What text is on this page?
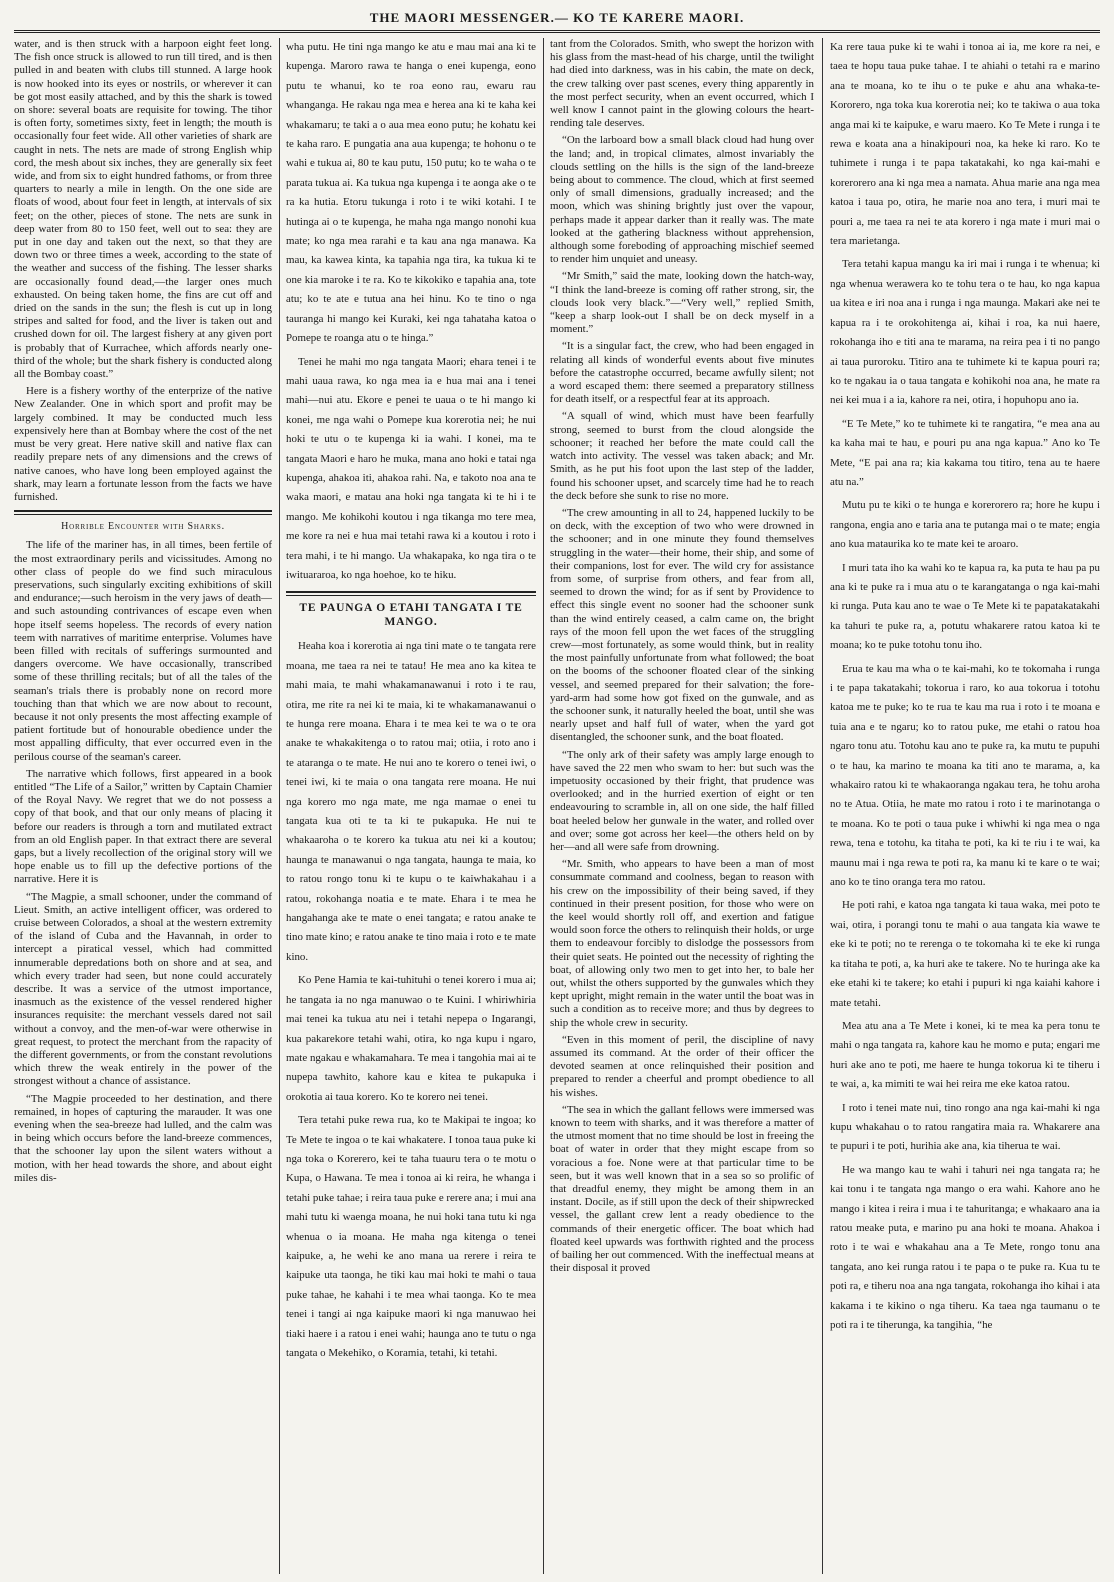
THE MAORI MESSENGER.— KO TE KARERE MAORI.

water, and is then struck with a harpoon eight feet long. The fish once struck is allowed to run till tired, and is then pulled in and beaten with clubs till stunned. A large hook is now hooked into its eyes or nostrils, or wherever it can be got most easily attached, and by this the shark is towed on shore: several boats are requisite for towing. The tihor is often forty, sometimes sixty, feet in length; the mouth is occasionally four feet wide. All other varieties of shark are caught in nets. The nets are made of strong English whip cord, the mesh about six inches, they are generally six feet wide, and from six to eight hundred fathoms, or from three quarters to nearly a mile in length. On the one side are floats of wood, about four feet in length, at intervals of six feet; on the other, pieces of stone. The nets are sunk in deep water from 80 to 150 feet, well out to sea: they are put in one day and taken out the next, so that they are down two or three times a week, according to the state of the weather and success of the fishing. The lesser sharks are occasionally found dead,—the larger ones much exhausted. On being taken home, the fins are cut off and dried on the sands in the sun; the flesh is cut up in long stripes and salted for food, and the liver is taken out and crushed down for oil. The largest fishery at any given port is probably that of Kurrachee, which affords nearly one-third of the whole; but the shark fishery is conducted along all the Bombay coast.”

Here is a fishery worthy of the enterprize of the native New Zealander. One in which sport and profit may be largely combined. It may be conducted much less expensively here than at Bombay where the cost of the net must be very great. Here native skill and native flax can readily prepare nets of any dimensions and the crews of native canoes, who have long been employed against the shark, may learn a fortunate lesson from the facts we have furnished.

Horrible Encounter with Sharks.

The life of the mariner has, in all times, been fertile of the most extraordinary perils and vicissitudes. Among no other class of people do we find such miraculous preservations, such singularly exciting exhibitions of skill and endurance;—such heroism in the very jaws of death—and such astounding contrivances of escape even when hope itself seems hopeless. The records of every nation teem with narratives of maritime enterprise. Volumes have been filled with recitals of sufferings surmounted and dangers overcome. We have occasionally, transcribed some of these thrilling recitals; but of all the tales of the seaman's trials there is probably none on record more touching than that which we are now about to recount, because it not only presents the most affecting example of patient fortitude but of honourable obedience under the most appalling difficulty, that ever occurred even in the perilous course of the seaman's career.

The narrative which follows, first appeared in a book entitled “The Life of a Sailor,” written by Captain Chamier of the Royal Navy. We regret that we do not possess a copy of that book, and that our only means of placing it before our readers is through a torn and mutilated extract from an old English paper. In that extract there are several gaps, but a lively recollection of the original story will we hope enable us to fill up the defective portions of the narrative. Here it is

“The Magpie, a small schooner, under the command of Lieut. Smith, an active intelligent officer, was ordered to cruise between Colorados, a shoal at the western extremity of the island of Cuba and the Havannah, in order to intercept a piratical vessel, which had committed innumerable depredations both on shore and at sea, and which every trader had seen, but none could accurately describe. It was a service of the utmost importance, inasmuch as the existence of the vessel rendered higher insurances requisite: the merchant vessels dared not sail without a convoy, and the men-of-war were otherwise in great request, to protect the merchant from the rapacity of the different governments, or from the constant revolutions which threw the weak entirely in the power of the strongest without a chance of assistance.

“The Magpie proceeded to her destination, and there remained, in hopes of capturing the marauder. It was one evening when the sea-breeze had lulled, and the calm was in being which occurs before the land-breeze commences, that the schooner lay upon the silent waters without a motion, with her head towards the shore, and about eight miles dis-

wha putu. He tini nga mango ke atu e mau mai ana ki te kupenga. Maroro rawa te hanga o enei kupenga, eono putu te whanui, ko te roa eono rau, ewaru rau whanganga. He rakau nga mea e herea ana ki te kaha kei whakamaru; te taki a o aua mea eono putu; he kohatu kei te kaha raro. E pungatia ana aua kupenga; te hohonu o te wahi e tukua ai, 80 te kau putu, 150 putu; ko te waha o te parata tukua ai. Ka tukua nga kupenga i te aonga ake o te ra ka hutia. Etoru tukunga i roto i te wiki kotahi. I te hutinga ai o te kupenga, he maha nga mango nonohi kua mate; ko nga mea rarahi e ta kau ana nga manawa. Ka mau, ka kawea kinta, ka tapahia nga tira, ka tukua ki te one kia maroke i te ra. Ko te kikokiko e tapahia ana, tote atu; ko te ate e tutua ana hei hinu. Ko te tino o nga tauranga hi mango kei Kuraki, kei nga tahataha katoa o Pomepe te roanga atu o te hinga.”

Tenei he mahi mo nga tangata Maori; ehara tenei i te mahi uaua rawa, ko nga mea ia e hua mai ana i tenei mahi—nui atu. Ekore e penei te uaua o te hi mango ki konei, me nga wahi o Pomepe kua korerotia nei; he nui hoki te utu o te kupenga ki ia wahi. I konei, ma te tangata Maori e haro he muka, mana ano hoki e tatai nga kupenga, ahakoa iti, ahakoa rahi. Na, e takoto noa ana te waka maori, e matau ana hoki nga tangata ki te hi i te mango. Me kohikohi koutou i nga tikanga mo tere mea, me kore ra nei e hua mai tetahi rawa ki a koutou i roto i tera mahi, i te hi mango. Ua whakapaka, ko nga tira o te iwituararoa, ko nga hoehoe, ko te hiku.

TE PAUNGA O ETAHI TANGATA I TE MANGO.

Heaha koa i korerotia ai nga tini mate o te tangata rere moana, me taea ra nei te tatau! He mea ano ka kitea te mahi maia, te mahi whakamanawanui i roto i te rau, otira, me rite ra nei ki te maia, ki te whakamanawanui o te hunga rere moana. Ehara i te mea kei te wa o te ora anake te whakakitenga o to ratou mai; otiia, i roto ano i te ataranga o te mate. He nui ano te korero o tenei iwi, o tenei iwi, ki te maia o ona tangata rere moana. He nui nga korero mo nga mate, me nga mamae o enei tu tangata kua oti te ta ki te pukapuka. He nui te whakaaroha o te korero ka tukua atu nei ki a koutou; haunga te manawanui o nga tangata, haunga te maia, ko to ratou rongo tonu ki te kupu o te kaiwhakahau i a ratou, rokohanga noatia e te mate. Ehara i te mea he hangahanga ake te mate o enei tangata; e ratou anake te tino mate kino; e ratou anake te tino maia i roto e te mate kino.

Ko Pene Hamia te kai-tuhituhi o tenei korero i mua ai; he tangata ia no nga manuwao o te Kuini. I whiriwhiria mai tenei ka tukua atu nei i tetahi nepepa o Ingarangi, kua pakarekore tetahi wahi, otira, ko nga kupu i ngaro, mate ngakau e whakamahara. Te mea i tangohia mai ai te nupepa tawhito, kahore kau e kitea te pukapuka i orokotia ai taua korero. Ko te korero nei tenei.

Tera tetahi puke rewa rua, ko te Makipai te ingoa; ko Te Mete te ingoa o te kai whakatere. I tonoa taua puke ki nga toka o Korerero, kei te taha tuauru tera o te motu o Kupa, o Hawana. Te mea i tonoa ai ki reira, he whanga i tetahi puke tahae; i reira taua puke e rerere ana; i mui ana mahi tutu ki waenga moana, he nui hoki tana tutu ki nga whenua o ia moana. He maha nga kitenga o tenei kaipuke, a, he wehi ke ano mana ua rerere i reira te kaipuke uta taonga, he tiki kau mai hoki te mahi o taua puke tahae, he kahahi i te mea whai taonga. Ko te mea tenei i tangi ai nga kaipuke maori ki nga manuwao hei tiaki haere i a ratou i enei wahi; haunga ano te tutu o nga tangata o Mekehiko, o Koramia, tetahi, ki tetahi.

tant from the Colorados. Smith, who swept the horizon with his glass from the mast-head of his charge, until the twilight had died into darkness, was in his cabin, the mate on deck, the crew talking over past scenes, every thing apparently in the most perfect security, when an event occurred, which I well know I cannot paint in the glowing colours the heart-rending tale deserves.

“On the larboard bow a small black cloud had hung over the land; and, in tropical climates, almost invariably the clouds settling on the hills is the sign of the land-breeze being about to commence. The cloud, which at first seemed only of small dimensions, gradually increased; and the moon, which was shining brightly just over the vapour, perhaps made it appear darker than it really was. The mate looked at the gathering blackness without apprehension, although some foreboding of approaching mischief seemed to render him unquiet and uneasy.

“Mr Smith,” said the mate, looking down the hatch-way, “I think the land-breeze is coming off rather strong, sir, the clouds look very black.”—“Very well,” replied Smith, “keep a sharp look-out I shall be on deck myself in a moment.”

“It is a singular fact, the crew, who had been engaged in relating all kinds of wonderful events about five minutes before the catastrophe occurred, became awfully silent; not a word escaped them: there seemed a preparatory stillness for death itself, or a respectful fear at its approach.

“A squall of wind, which must have been fearfully strong, seemed to burst from the cloud alongside the schooner; it reached her before the mate could call the watch into activity. The vessel was taken aback; and Mr. Smith, as he put his foot upon the last step of the ladder, found his schooner upset, and scarcely time had he to reach the deck before she sunk to rise no more.

“The crew amounting in all to 24, happened luckily to be on deck, with the exception of two who were drowned in the schooner; and in one minute they found themselves struggling in the water—their home, their ship, and some of their companions, lost for ever. The wild cry for assistance from some, of surprise from others, and fear from all, seemed to drown the wind; for as if sent by Providence to effect this single event no sooner had the schooner sunk than the wind entirely ceased, a calm came on, the bright rays of the moon fell upon the wet faces of the struggling crew—most fortunately, as some would think, but in reality the most painfully unfortunate from what followed; the boat on the booms of the schooner floated clear of the sinking vessel, and seemed prepared for their salvation; the fore-yard-arm had some how got fixed on the gunwale, and as the schooner sunk, it naturally heeled the boat, until she was nearly upset and half full of water, when the yard got disentangled, the schooner sunk, and the boat floated.

“The only ark of their safety was amply large enough to have saved the 22 men who swam to her: but such was the impetuosity occasioned by their fright, that prudence was overlooked; and in the hurried exertion of eight or ten endeavouring to scramble in, all on one side, the half filled boat heeled below her gunwale in the water, and rolled over and over; some got across her keel—the others held on by her—and all were safe from drowning.

“Mr. Smith, who appears to have been a man of most consummate command and coolness, began to reason with his crew on the impossibility of their being saved, if they continued in their present position, for those who were on the keel would shortly roll off, and exertion and fatigue would soon force the others to relinquish their holds, or urge them to endeavour forcibly to dislodge the possessors from their quiet seats. He pointed out the necessity of righting the boat, of allowing only two men to get into her, to bale her out, whilst the others supported by the gunwales which they kept upright, might remain in the water until the boat was in such a condition as to receive more; and thus by degrees to ship the whole crew in security.

“Even in this moment of peril, the discipline of navy assumed its command. At the order of their officer the devoted seamen at once relinquished their position and prepared to render a cheerful and prompt obedience to all his wishes.

“The sea in which the gallant fellows were immersed was known to teem with sharks, and it was therefore a matter of the utmost moment that no time should be lost in freeing the boat of water in order that they might escape from so voracious a foe. None were at that particular time to be seen, but it was well known that in a sea so so prolific of that dreadful enemy, they might be among them in an instant. Docile, as if still upon the deck of their shipwrecked vessel, the gallant crew lent a ready obedience to the commands of their energetic officer. The boat which had floated keel upwards was forthwith righted and the process of bailing her out commenced. With the ineffectual means at their disposal it proved

Ka rere taua puke ki te wahi i tonoa ai ia, me kore ra nei, e taea te hopu taua puke tahae. I te ahiahi o tetahi ra e marino ana te moana, ko te ihu o te puke e ahu ana whaka-te-Kororero, nga toka kua korerotia nei; ko te takiwa o aua toka anga mai ki te kaipuke, e waru maero. Ko Te Mete i runga i te rewa e koata ana a hinakipouri noa, ka heke ki raro. Ko te tuhimete i runga i te papa takatakahi, ko nga kai-mahi e korerorero ana ki nga mea a namata. Ahua marie ana nga mea katoa i taua po, otira, he marie noa ano tera, i muri mai te pouri a, me taea ra nei te ata korero i nga mate i muri mai o tera marietanga.

Tera tetahi kapua mangu ka iri mai i runga i te whenua; ki nga whenua werawera ko te tohu tera o te hau, ko nga kapua ua kitea e iri noa ana i runga i nga maunga. Makari ake nei te kapua ra i te orokohitenga ai, kihai i roa, ka nui haere, rokohanga iho e titi ana te marama, na reira pea i ti no pango ai taua puroroku. Titiro ana te tuhimete ki te kapua pouri ra; ko te ngakau ia o taua tangata e kohikohi noa ana, he mate ra nei kei mua i a ia, kahore ra nei, otira, i hopuhopu ano ia.

“E Te Mete,” ko te tuhimete ki te rangatira, “e mea ana au ka kaha mai te hau, e pouri pu ana nga kapua.” Ano ko Te Mete, “E pai ana ra; kia kakama tou titiro, tena au te haere atu na.”

Mutu pu te kiki o te hunga e korerorero ra; hore he kupu i rangona, engia ano e taria ana te putanga mai o te mate; engia ano kua mataurika ko te mate kei te aroaro.

I muri tata iho ka wahi ko te kapua ra, ka puta te hau pa pu ana ki te puke ra i mua atu o te karangatanga o nga kai-mahi ki runga. Puta kau ano te wae o Te Mete ki te papatakatakahi ka tahuri te puke ra, a, potutu whakarere ratou katoa ki te moana; ko te puke totohu tonu iho.

Erua te kau ma wha o te kai-mahi, ko te tokomaha i runga i te papa takatakahi; tokorua i raro, ko aua tokorua i totohu katoa me te puke; ko te rua te kau ma rua i roto i te moana e tuia ana e te ngaru; ko to ratou puke, me etahi o ratou hoa ngaro tonu atu. Totohu kau ano te puke ra, ka mutu te pupuhi o te hau, ka marino te moana ka titi ano te marama, a, ka whakairo ratou ki te whakaoranga ngakau tera, he tohu aroha no te Atua. Otiia, he mate mo ratou i roto i te marinotanga o te moana. Ko te poti o taua puke i whiwhi ki nga mea o nga rewa, tena e totohu, ka titaha te poti, ka ki te riu i te wai, ka maunu mai i nga rewa te poti ra, ka manu ki te kare o te wai; ano ko te tino oranga tera mo ratou.

He poti rahi, e katoa nga tangata ki taua waka, mei poto te wai, otira, i porangi tonu te mahi o aua tangata kia wawe te eke ki te poti; no te rerenga o te tokomaha ki te eke ki runga ka titaha te poti, a, ka huri ake te takere. No te huringa ake ka eke etahi ki te takere; ko etahi i pupuri ki nga kaiahi kahore i mate tetahi.

Mea atu ana a Te Mete i konei, ki te mea ka pera tonu te mahi o nga tangata ra, kahore kau he momo e puta; engari me huri ake ano te poti, me haere te hunga tokorua ki te tiheru i te wai, a, ka mimiti te wai hei reira me eke katoa ratou.

I roto i tenei mate nui, tino rongo ana nga kai-mahi ki nga kupu whakahau o to ratou rangatira maia ra. Whakarere ana te pupuri i te poti, hurihia ake ana, kia tiherua te wai.

He wa mango kau te wahi i tahuri nei nga tangata ra; he kai tonu i te tangata nga mango o era wahi. Kahore ano he mango i kitea i reira i mua i te tahuritanga; e whakaaro ana ia ratou meake puta, e marino pu ana hoki te moana. Ahakoa i roto i te wai e whakahau ana a Te Mete, rongo tonu ana tangata, ano kei runga ratou i te papa o te puke ra. Kua tu te poti ra, e tiheru noa ana nga tangata, rokohanga iho kihai i ata kakama i te kikino o nga tiheru. Ka taea nga taumanu o te poti ra i te tiherunga, ka tangihia, “he
